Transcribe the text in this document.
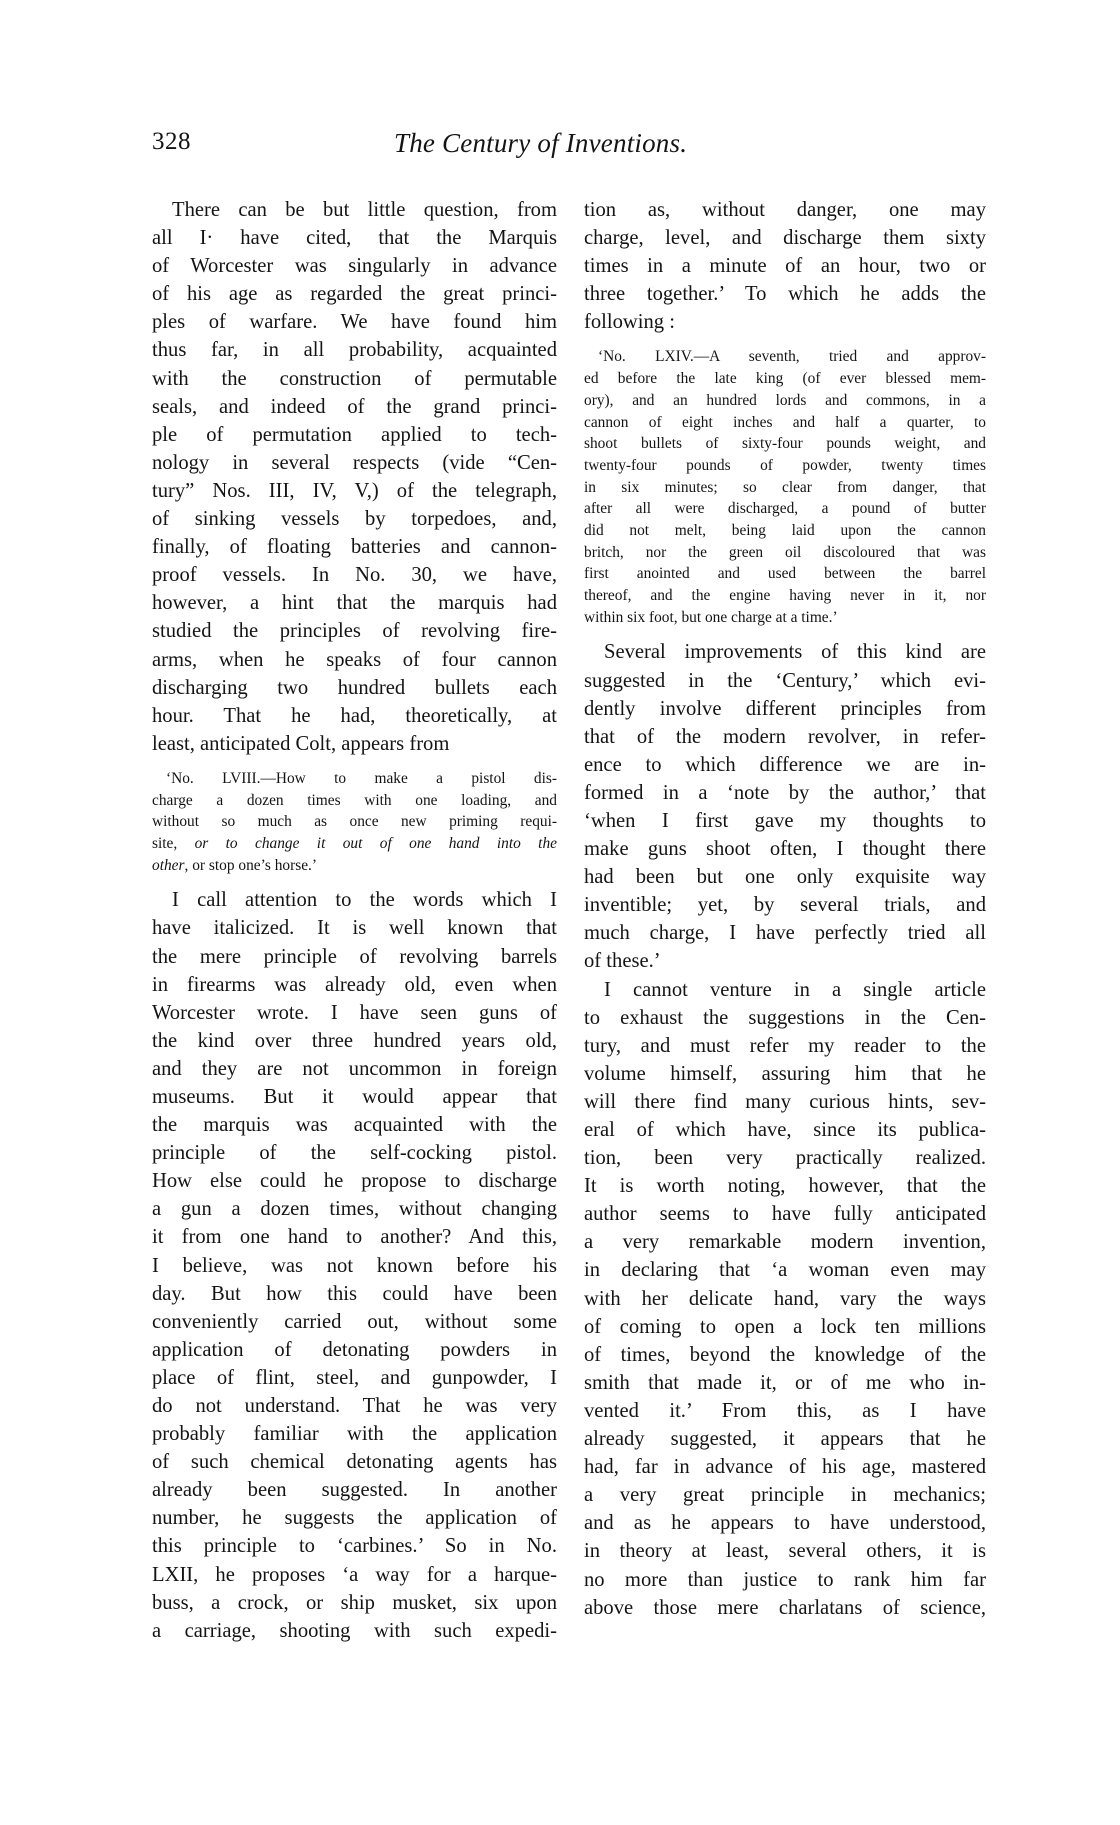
328	The Century of Inventions.
There can be but little question, from
all I· have cited, that the Marquis
of Worcester was singularly in advance
of his age as regarded the great princi-
ples of warfare. We have found him
thus far, in all probability, acquainted
with the construction of permutable
seals, and indeed of the grand princi-
ple of permutation applied to tech-
nology in several respects (vide “Cen-
tury” Nos. III, IV, V,) of the telegraph,
of sinking vessels by torpedoes, and,
finally, of floating batteries and cannon-
proof vessels. In No. 30, we have,
however, a hint that the marquis had
studied the principles of revolving fire-
arms, when he speaks of four cannon
discharging two hundred bullets each
hour. That he had, theoretically, at
least, anticipated Colt, appears from
‘No. LVIII.—How to make a pistol dis-
charge a dozen times with one loading, and
without so much as once new priming requi-
site, or to change it out of one hand into the
other, or stop one’s horse.’
I call attention to the words which I
have italicized. It is well known that
the mere principle of revolving barrels
in firearms was already old, even when
Worcester wrote. I have seen guns of
the kind over three hundred years old,
and they are not uncommon in foreign
museums. But it would appear that
the marquis was acquainted with the
principle of the self-cocking pistol.
How else could he propose to discharge
a gun a dozen times, without changing
it from one hand to another? And this,
I believe, was not known before his
day. But how this could have been
conveniently carried out, without some
application of detonating powders in
place of flint, steel, and gunpowder, I
do not understand. That he was very
probably familiar with the application
of such chemical detonating agents has
already been suggested. In another
number, he suggests the application of
this principle to ‘carbines.’ So in No.
LXII, he proposes ‘a way for a harque-
buss, a crock, or ship musket, six upon
a carriage, shooting with such expedi-
tion as, without danger, one may
charge, level, and discharge them sixty
times in a minute of an hour, two or
three together.’ To which he adds the
following :
‘No. LXIV.—A seventh, tried and approv-
ed before the late king (of ever blessed mem-
ory), and an hundred lords and commons, in a
cannon of eight inches and half a quarter, to
shoot bullets of sixty-four pounds weight, and
twenty-four pounds of powder, twenty times
in six minutes; so clear from danger, that
after all were discharged, a pound of butter
did not melt, being laid upon the cannon
britch, nor the green oil discoloured that was
first anointed and used between the barrel
thereof, and the engine having never in it, nor
within six foot, but one charge at a time.’
Several improvements of this kind are
suggested in the ‘Century,’ which evi-
dently involve different principles from
that of the modern revolver, in refer-
ence to which difference we are in-
formed in a ‘note by the author,’ that
‘when I first gave my thoughts to
make guns shoot often, I thought there
had been but one only exquisite way
inventible; yet, by several trials, and
much charge, I have perfectly tried all
of these.’
I cannot venture in a single article
to exhaust the suggestions in the Cen-
tury, and must refer my reader to the
volume himself, assuring him that he
will there find many curious hints, sev-
eral of which have, since its publica-
tion, been very practically realized.
It is worth noting, however, that the
author seems to have fully anticipated
a very remarkable modern invention,
in declaring that ‘a woman even may
with her delicate hand, vary the ways
of coming to open a lock ten millions
of times, beyond the knowledge of the
smith that made it, or of me who in-
vented it.’ From this, as I have
already suggested, it appears that he
had, far in advance of his age, mastered
a very great principle in mechanics;
and as he appears to have understood,
in theory at least, several others, it is
no more than justice to rank him far
above those mere charlatans of science,
